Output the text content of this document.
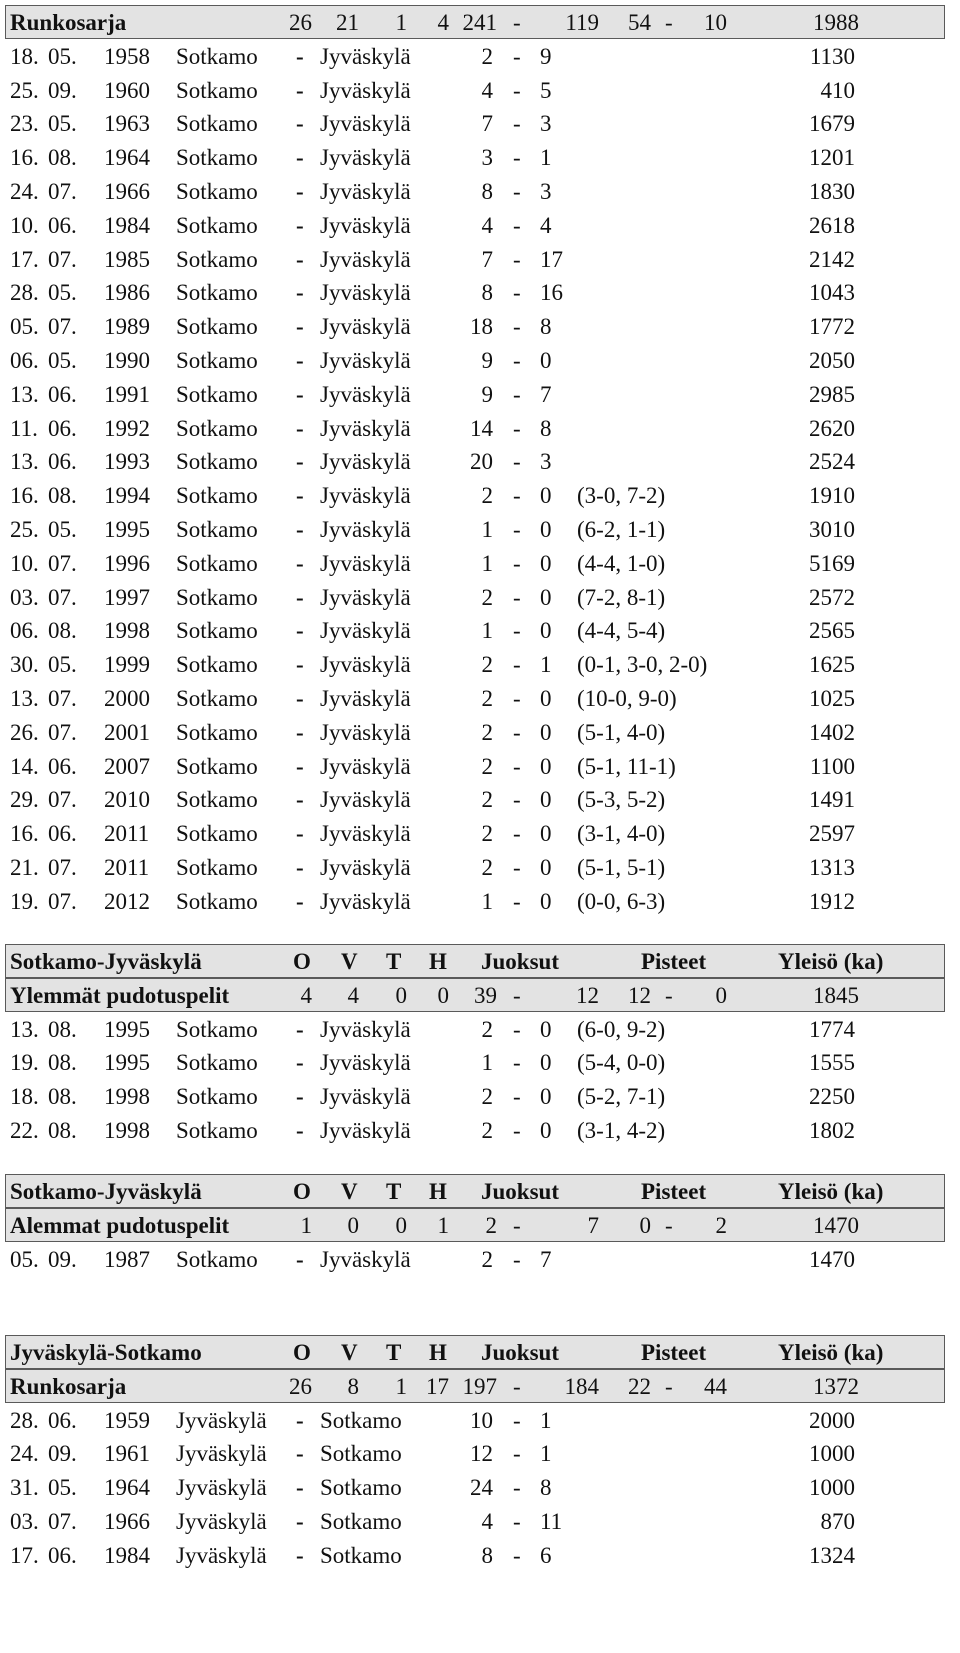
Runkosarja	26 21	1	4 241 -	119	54 -	10	1988
18. 05. 1958 Sotkamo - Jyväskylä	2 - 9	1130
25. 09. 1960 Sotkamo - Jyväskylä	4 - 5	410
23. 05. 1963 Sotkamo - Jyväskylä	7 - 3	1679
16. 08. 1964 Sotkamo - Jyväskylä	3 - 1	1201
24. 07. 1966 Sotkamo - Jyväskylä	8 - 3	1830
10. 06. 1984 Sotkamo - Jyväskylä	4 - 4	2618
17. 07. 1985 Sotkamo - Jyväskylä	7 - 17	2142
28. 05. 1986 Sotkamo - Jyväskylä	8 - 16	1043
05. 07. 1989 Sotkamo - Jyväskylä	18 - 8	1772
06. 05. 1990 Sotkamo - Jyväskylä	9 - 0	2050
13. 06. 1991 Sotkamo - Jyväskylä	9 - 7	2985
11. 06. 1992 Sotkamo - Jyväskylä	14 - 8	2620
13. 06. 1993 Sotkamo - Jyväskylä	20 - 3	2524
16. 08. 1994 Sotkamo - Jyväskylä	2 - 0 (3-0, 7-2)	1910
25. 05. 1995 Sotkamo - Jyväskylä	1 - 0 (6-2, 1-1)	3010
10. 07. 1996 Sotkamo - Jyväskylä	1 - 0 (4-4, 1-0)	5169
03. 07. 1997 Sotkamo - Jyväskylä	2 - 0 (7-2, 8-1)	2572
06. 08. 1998 Sotkamo - Jyväskylä	1 - 0 (4-4, 5-4)	2565
30. 05. 1999 Sotkamo - Jyväskylä	2 - 1 (0-1, 3-0, 2-0)	1625
13. 07. 2000 Sotkamo - Jyväskylä	2 - 0 (10-0, 9-0)	1025
26. 07. 2001 Sotkamo - Jyväskylä	2 - 0 (5-1, 4-0)	1402
14. 06. 2007 Sotkamo - Jyväskylä	2 - 0 (5-1, 11-1)	1100
29. 07. 2010 Sotkamo - Jyväskylä	2 - 0 (5-3, 5-2)	1491
16. 06. 2011 Sotkamo - Jyväskylä	2 - 0 (3-1, 4-0)	2597
21. 07. 2011 Sotkamo - Jyväskylä	2 - 0 (5-1, 5-1)	1313
19. 07. 2012 Sotkamo - Jyväskylä	1 - 0 (0-0, 6-3)	1912
Sotkamo-Jyväskylä	O V T H Juoksut	Pisteet	Yleisö (ka)
Ylemmät pudotuspelit	4	4	0	0	39 -	12	12 -	0	1845
13. 08. 1995 Sotkamo - Jyväskylä	2 - 0 (6-0, 9-2)	1774
19. 08. 1995 Sotkamo - Jyväskylä	1 - 0 (5-4, 0-0)	1555
18. 08. 1998 Sotkamo - Jyväskylä	2 - 0 (5-2, 7-1)	2250
22. 08. 1998 Sotkamo - Jyväskylä	2 - 0 (3-1, 4-2)	1802
Sotkamo-Jyväskylä	O V T H Juoksut	Pisteet	Yleisö (ka)
Alemmat pudotuspelit	1	0	0	1	2 -	7	0 -	2	1470
05. 09. 1987 Sotkamo - Jyväskylä	2 - 7	1470
Jyväskylä-Sotkamo	O V T H Juoksut	Pisteet	Yleisö (ka)
Runkosarja	26	8	1 17 197 -	184	22 -	44	1372
28. 06. 1959 Jyväskylä - Sotkamo	10 - 1	2000
24. 09. 1961 Jyväskylä - Sotkamo	12 - 1	1000
31. 05. 1964 Jyväskylä - Sotkamo	24 - 8	1000
03. 07. 1966 Jyväskylä - Sotkamo	4 - 11	870
17. 06. 1984 Jyväskylä - Sotkamo	8 - 6	1324
